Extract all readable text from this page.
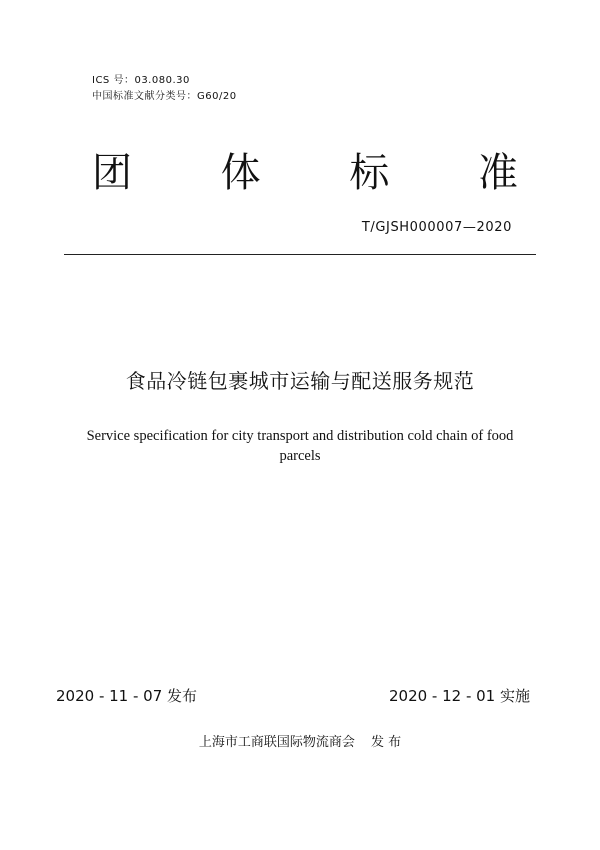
ICS 号：03.080.30
中国标准文献分类号：G60/20
团 体 标 准
T/GJSH000007—2020
食品冷链包裹城市运输与配送服务规范
Service specification for city transport and distribution cold chain of food
parcels
2020 - 11 - 07 发布	2020 - 12 - 01 实施
上海市工商联国际物流商会 发 布
